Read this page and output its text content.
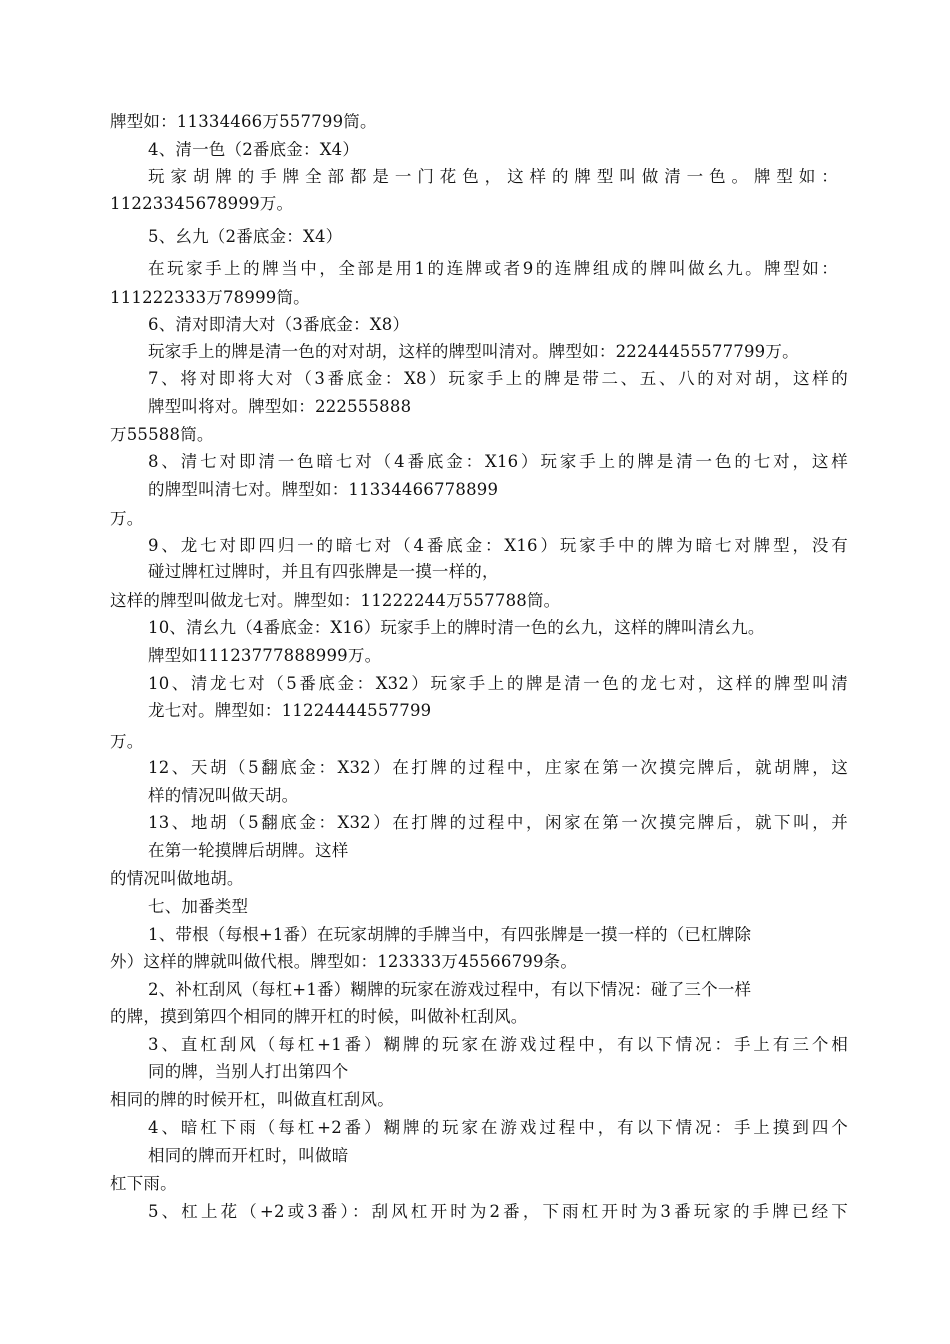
牌型如：11334466万557799筒。
4、清一色（2番底金：X4）
玩家胡牌的手牌全部都是一门花色，这样的牌型叫做清一色。牌型如：
11223345678999万。
5、幺九（2番底金：X4）
在玩家手上的牌当中，全部是用1的连牌或者9的连牌组成的牌叫做幺九。牌型如：
111222333万78999筒。
6、清对即清大对（3番底金：X8）
玩家手上的牌是清一色的对对胡，这样的牌型叫清对。牌型如：22244455577799万。
7、将对即将大对（3番底金：X8）玩家手上的牌是带二、五、八的对对胡，这样的
牌型叫将对。牌型如：222555888
万55588筒。
8、清七对即清一色暗七对（4番底金：X16）玩家手上的牌是清一色的七对，这样
的牌型叫清七对。牌型如：11334466778899
万。
9、龙七对即四归一的暗七对（4番底金：X16）玩家手中的牌为暗七对牌型，没有
碰过牌杠过牌时，并且有四张牌是一摸一样的，
这样的牌型叫做龙七对。牌型如：11222244万557788筒。
10、清幺九（4番底金：X16）玩家手上的牌时清一色的幺九，这样的牌叫清幺九。
牌型如11123777888999万。
10、清龙七对（5番底金：X32）玩家手上的牌是清一色的龙七对，这样的牌型叫清
龙七对。牌型如：11224444557799
万。
12、天胡（5翻底金：X32）在打牌的过程中，庄家在第一次摸完牌后，就胡牌，这
样的情况叫做天胡。
13、地胡（5翻底金：X32）在打牌的过程中，闲家在第一次摸完牌后，就下叫，并
在第一轮摸牌后胡牌。这样
的情况叫做地胡。
七、加番类型
1、带根（每根+1番）在玩家胡牌的手牌当中，有四张牌是一摸一样的（已杠牌除
外）这样的牌就叫做代根。牌型如：123333万45566799条。
2、补杠刮风（每杠+1番）糊牌的玩家在游戏过程中，有以下情况：碰了三个一样
的牌，摸到第四个相同的牌开杠的时候，叫做补杠刮风。
3、直杠刮风（每杠+1番）糊牌的玩家在游戏过程中，有以下情况：手上有三个相
同的牌，当别人打出第四个
相同的牌的时候开杠，叫做直杠刮风。
4、暗杠下雨（每杠+2番）糊牌的玩家在游戏过程中，有以下情况：手上摸到四个
相同的牌而开杠时，叫做暗
杠下雨。
5、杠上花（+2或3番）：刮风杠开时为2番，下雨杠开时为3番玩家的手牌已经下
